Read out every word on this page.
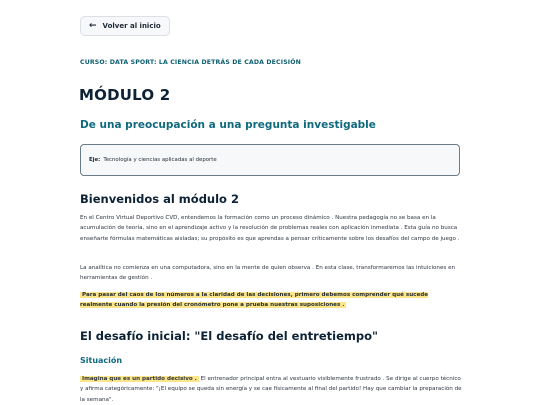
← Volver al inicio
CURSO: DATA SPORT: LA CIENCIA DETRÁS DE CADA DECISIÓN
MÓDULO 2
De una preocupación a una pregunta investigable
Eje: Tecnología y ciencias aplicadas al deporte
Bienvenidos al módulo 2

En el Centro Virtual Deportivo CVD, entendemos la formación como un proceso dinámico . Nuestra pedagogía no se basa en la acumulación de teoría, sino en el aprendizaje activo y la resolución de problemas reales con aplicación inmediata . Esta guía no busca enseñarte fórmulas matemáticas aisladas; su propósito es que aprendas a pensar críticamente sobre los desafíos del campo de juego .

La analítica no comienza en una computadora, sino en la mente de quien observa . En esta clase, transformaremos las intuiciones en herramientas de gestión .

Para pasar del caos de los números a la claridad de las decisiones, primero debemos comprender qué sucede realmente cuando la presión del cronómetro pone a prueba nuestras suposiciones .

El desafío inicial: "El desafío del entretiempo"
Situación

Imagina que es un partido decisivo . El entrenador principal entra al vestuario visiblemente frustrado . Se dirige al cuerpo técnico y afirma categóricamente: "¡El equipo se queda sin energía y se cae físicamente al final del partido! Hay que cambiar la preparación de la semana".
